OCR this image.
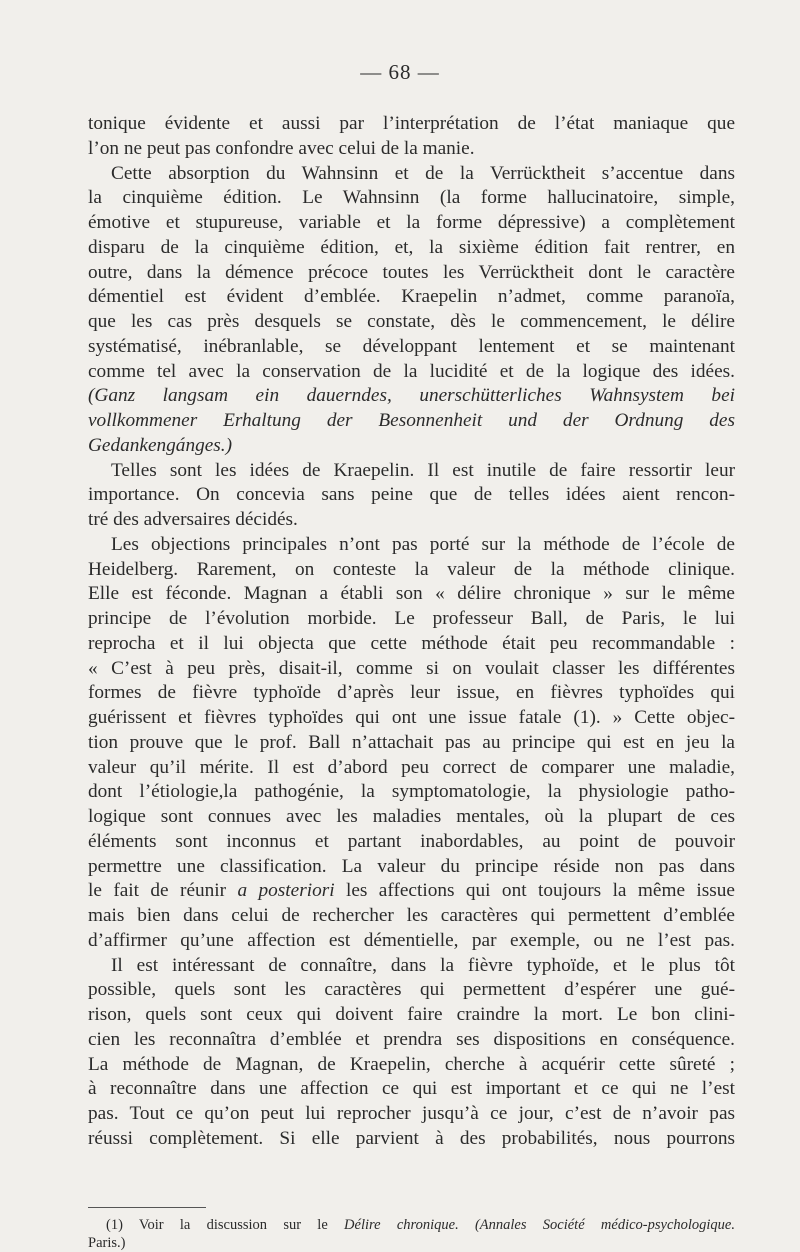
— 68 —
tonique évidente et aussi par l’interprétation de l’état maniaque que
l’on ne peut pas confondre avec celui de la manie.
Cette absorption du Wahnsinn et de la Verrücktheit s’accentue dans
la cinquième édition. Le Wahnsinn (la forme hallucinatoire, simple,
émotive et stupureuse, variable et la forme dépressive) a complètement
disparu de la cinquième édition, et, la sixième édition fait rentrer, en
outre, dans la démence précoce toutes les Verrücktheit dont le caractère
démentiel est évident d’emblée. Kraepelin n’admet, comme paranoïa,
que les cas près desquels se constate, dès le commencement, le délire
systématisé, inébranlable, se développant lentement et se maintenant
comme tel avec la conservation de la lucidité et de la logique des idées.
(Ganz langsam ein dauerndes, unerschütterliches Wahnsystem bei
vollkommener Erhaltung der Besonnenheit und der Ordnung des
Gedankengánges.)
Telles sont les idées de Kraepelin. Il est inutile de faire ressortir leur
importance. On concevia sans peine que de telles idées aient rencon-
tré des adversaires décidés.
Les objections principales n’ont pas porté sur la méthode de l’école de
Heidelberg. Rarement, on conteste la valeur de la méthode clinique.
Elle est féconde. Magnan a établi son « délire chronique » sur le même
principe de l’évolution morbide. Le professeur Ball, de Paris, le lui
reprocha et il lui objecta que cette méthode était peu recommandable :
« C’est à peu près, disait-il, comme si on voulait classer les différentes
formes de fièvre typhoïde d’après leur issue, en fièvres typhoïdes qui
guérissent et fièvres typhoïdes qui ont une issue fatale (1). » Cette objec-
tion prouve que le prof. Ball n’attachait pas au principe qui est en jeu la
valeur qu’il mérite. Il est d’abord peu correct de comparer une maladie,
dont l’étiologie,la pathogénie, la symptomatologie, la physiologie patho-
logique sont connues avec les maladies mentales, où la plupart de ces
éléments sont inconnus et partant inabordables, au point de pouvoir
permettre une classification. La valeur du principe réside non pas dans
le fait de réunir a posteriori les affections qui ont toujours la même issue
mais bien dans celui de rechercher les caractères qui permettent d’emblée
d’affirmer qu’une affection est démentielle, par exemple, ou ne l’est pas.
Il est intéressant de connaître, dans la fièvre typhoïde, et le plus tôt
possible, quels sont les caractères qui permettent d’espérer une gué-
rison, quels sont ceux qui doivent faire craindre la mort. Le bon clini-
cien les reconnaîtra d’emblée et prendra ses dispositions en conséquence.
La méthode de Magnan, de Kraepelin, cherche à acquérir cette sûreté ;
à reconnaître dans une affection ce qui est important et ce qui ne l’est
pas. Tout ce qu’on peut lui reprocher jusqu’à ce jour, c’est de n’avoir pas
réussi complètement. Si elle parvient à des probabilités, nous pourrons
(1) Voir la discussion sur le Délire chronique. (Annales Société médico-psychologique.
Paris.)
